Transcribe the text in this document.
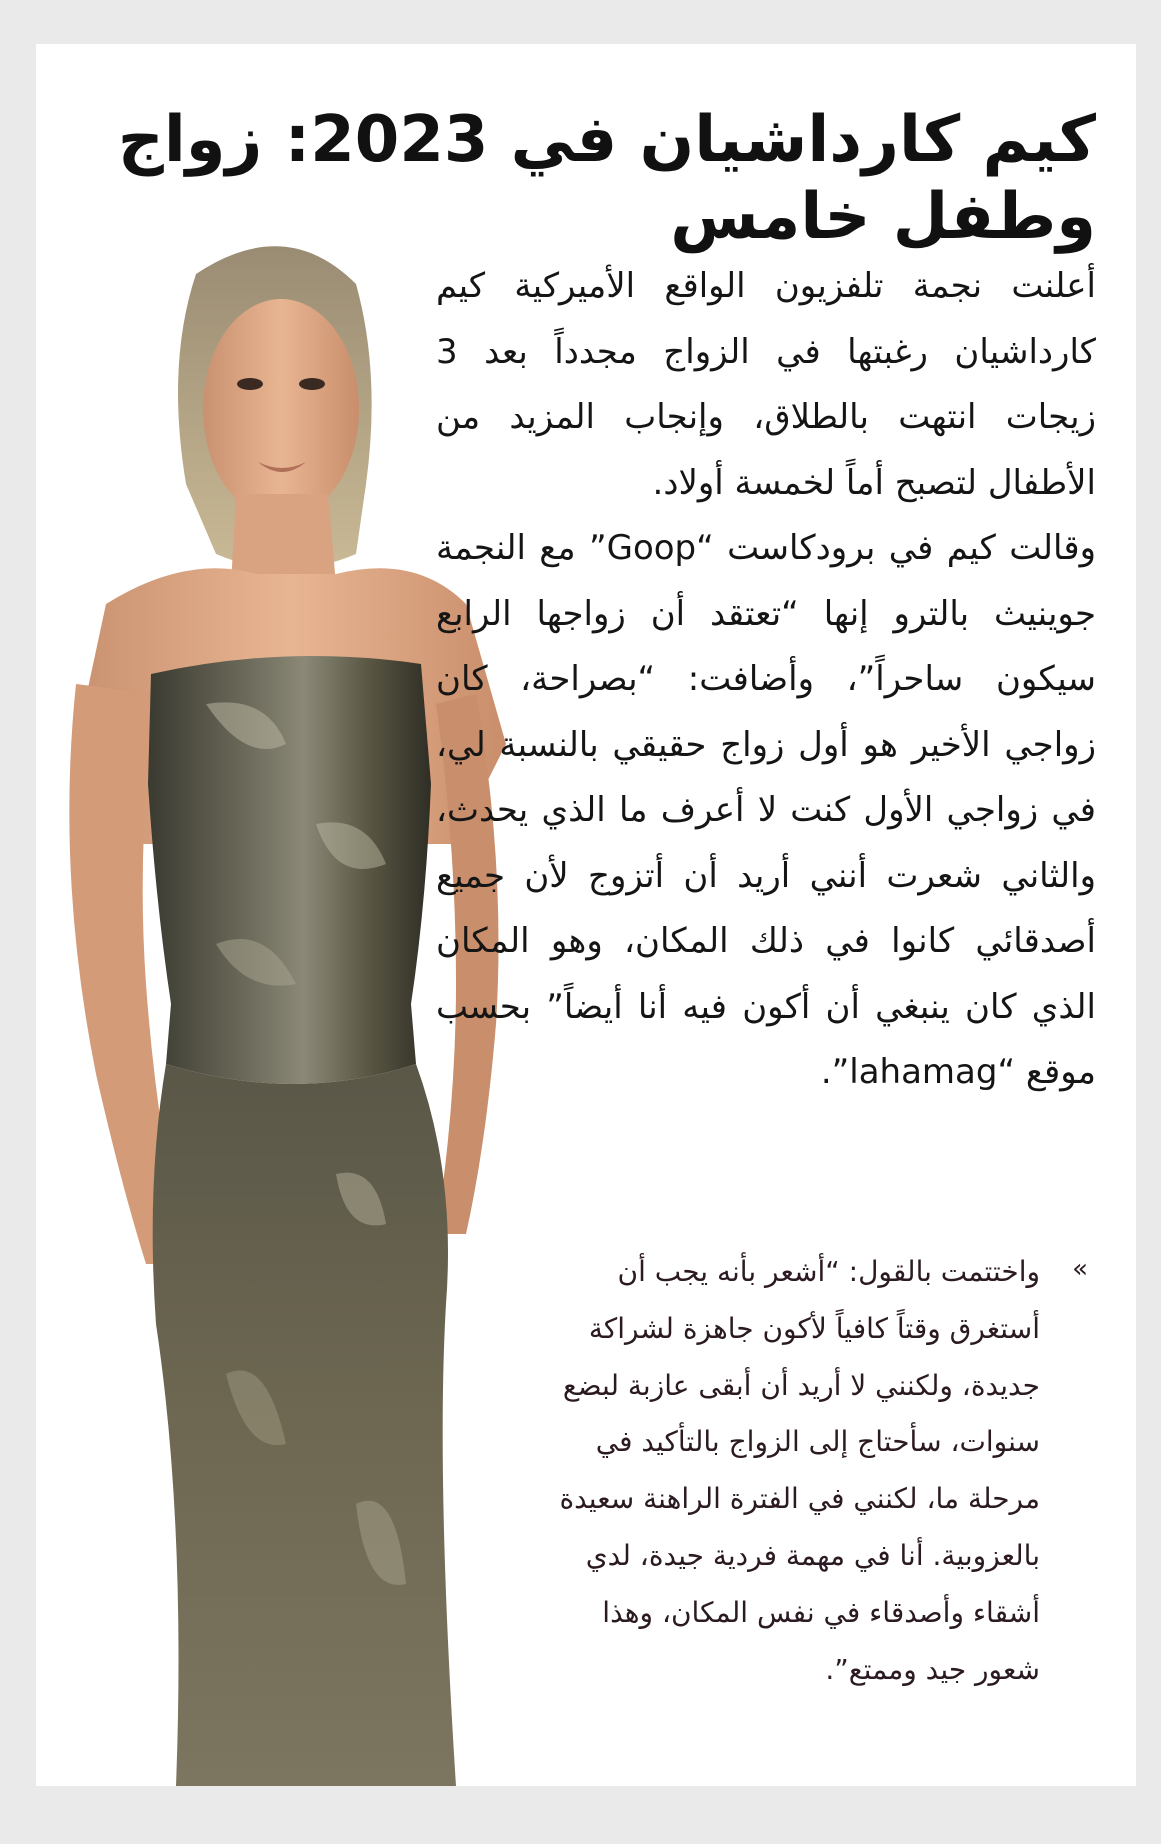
كيم كارداشيان في 2023: زواج وطفل خامس

أعلنت نجمة تلفزيون الواقع الأميركية كيم كارداشيان رغبتها في الزواج مجدداً بعد 3 زيجات انتهت بالطلاق، وإنجاب المزيد من الأطفال لتصبح أماً لخمسة أولاد.

وقالت كيم في برودكاست “Goop” مع النجمة جوينيث بالترو إنها “تعتقد أن زواجها الرابع سيكون ساحراً”، وأضافت: “بصراحة، كان زواجي الأخير هو أول زواج حقيقي بالنسبة لي، في زواجي الأول كنت لا أعرف ما الذي يحدث، والثاني شعرت أنني أريد أن أتزوج لأن جميع أصدقائي كانوا في ذلك المكان، وهو المكان الذي كان ينبغي أن أكون فيه أنا أيضاً” بحسب موقع “lahamag”.

»

واختتمت بالقول: “أشعر بأنه يجب أن أستغرق وقتاً كافياً لأكون جاهزة لشراكة جديدة، ولكنني لا أريد أن أبقى عازبة لبضع سنوات، سأحتاج إلى الزواج بالتأكيد في مرحلة ما، لكنني في الفترة الراهنة سعيدة بالعزوبية. أنا في مهمة فردية جيدة، لدي أشقاء وأصدقاء في نفس المكان، وهذا شعور جيد وممتع”.
